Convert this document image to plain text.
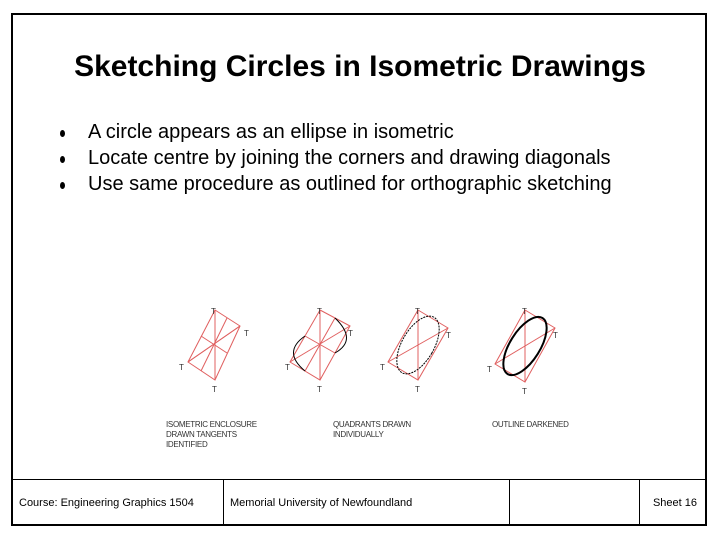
Sketching Circles in Isometric Drawings
A circle appears as an ellipse in isometric
Locate centre by joining the corners and drawing diagonals
Use same procedure as outlined for orthographic sketching
T
T
T
T
T
T
T
T
T
T
T
T
T
T
T
T
ISOMETRIC ENCLOSURE
DRAWN TANGENTS
IDENTIFIED
QUADRANTS DRAWN
INDIVIDUALLY
OUTLINE DARKENED
Course: Engineering Graphics 1504	Memorial University of Newfoundland	Sheet 16
